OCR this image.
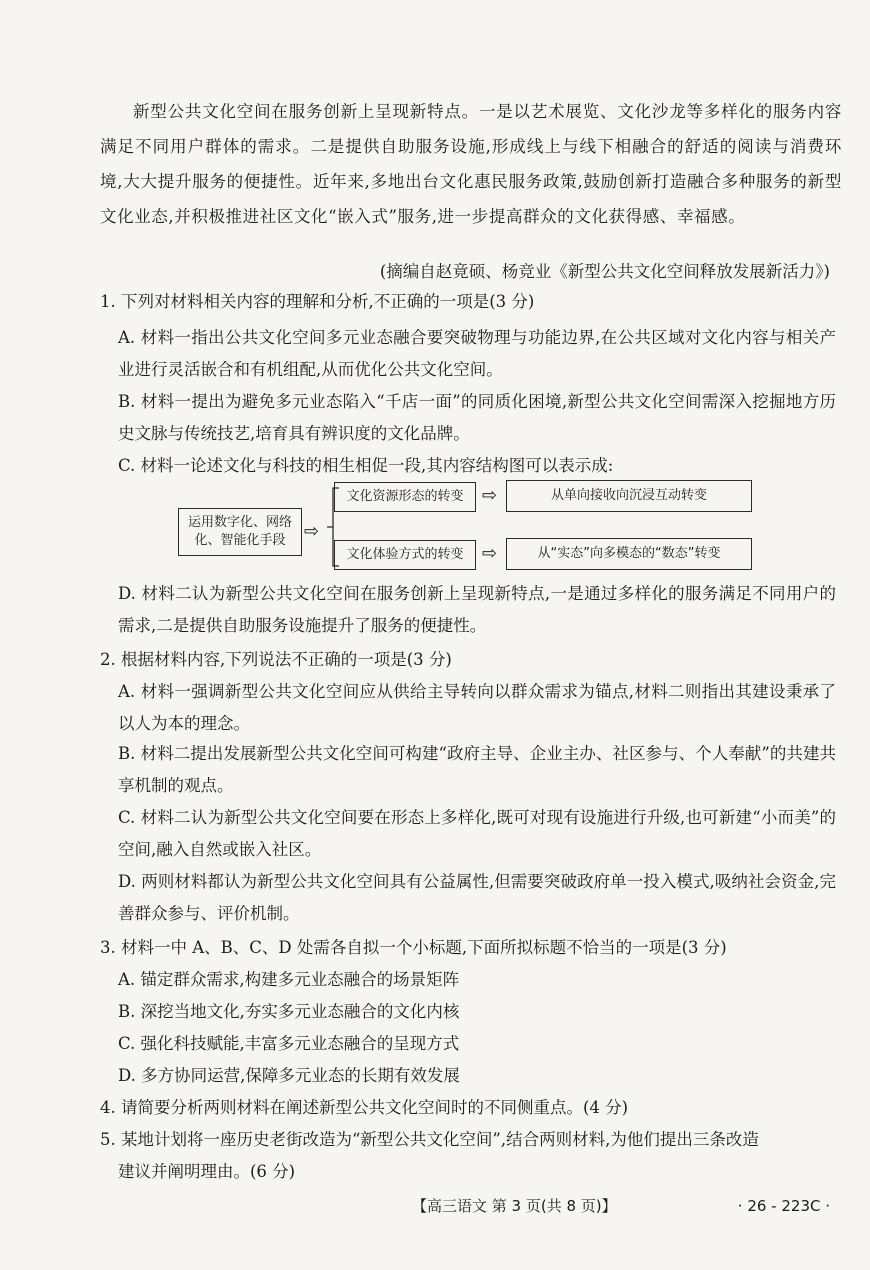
新型公共文化空间在服务创新上呈现新特点。一是以艺术展览、文化沙龙等多样化的服务内容满足不同用户群体的需求。二是提供自助服务设施,形成线上与线下相融合的舒适的阅读与消费环境,大大提升服务的便捷性。近年来,多地出台文化惠民服务政策,鼓励创新打造融合多种服务的新型文化业态,并积极推进社区文化“嵌入式”服务,进一步提高群众的文化获得感、幸福感。

(摘编自赵竟硕、杨竞业《新型公共文化空间释放发展新活力》)
1. 下列对材料相关内容的理解和分析,不正确的一项是(3 分)

A. 材料一指出公共文化空间多元业态融合要突破物理与功能边界,在公共区域对文化内容与相关产业进行灵活嵌合和有机组配,从而优化公共文化空间。

B. 材料一提出为避免多元业态陷入“千店一面”的同质化困境,新型公共文化空间需深入挖掘地方历史文脉与传统技艺,培育具有辨识度的文化品牌。

C. 材料一论述文化与科技的相生相促一段,其内容结构图可以表示成:
运用数字化、网络化、智能化手段	⇨
文化资源形态的转变	⇨	从单向接收向沉浸互动转变
文化体验方式的转变	⇨	从“实态”向多模态的“数态”转变

D. 材料二认为新型公共文化空间在服务创新上呈现新特点,一是通过多样化的服务满足不同用户的需求,二是提供自助服务设施提升了服务的便捷性。

2. 根据材料内容,下列说法不正确的一项是(3 分)

A. 材料一强调新型公共文化空间应从供给主导转向以群众需求为锚点,材料二则指出其建设秉承了以人为本的理念。

B. 材料二提出发展新型公共文化空间可构建“政府主导、企业主办、社区参与、个人奉献”的共建共享机制的观点。

C. 材料二认为新型公共文化空间要在形态上多样化,既可对现有设施进行升级,也可新建“小而美”的空间,融入自然或嵌入社区。

D. 两则材料都认为新型公共文化空间具有公益属性,但需要突破政府单一投入模式,吸纳社会资金,完善群众参与、评价机制。

3. 材料一中 A、B、C、D 处需各自拟一个小标题,下面所拟标题不恰当的一项是(3 分)
A. 锚定群众需求,构建多元业态融合的场景矩阵
B. 深挖当地文化,夯实多元业态融合的文化内核
C. 强化科技赋能,丰富多元业态融合的呈现方式
D. 多方协同运营,保障多元业态的长期有效发展
4. 请简要分析两则材料在阐述新型公共文化空间时的不同侧重点。(4 分)
5. 某地计划将一座历史老街改造为“新型公共文化空间”,结合两则材料,为他们提出三条改造
建议并阐明理由。(6 分)
【高三语文 第 3 页(共 8 页)】	· 26 - 223C ·
